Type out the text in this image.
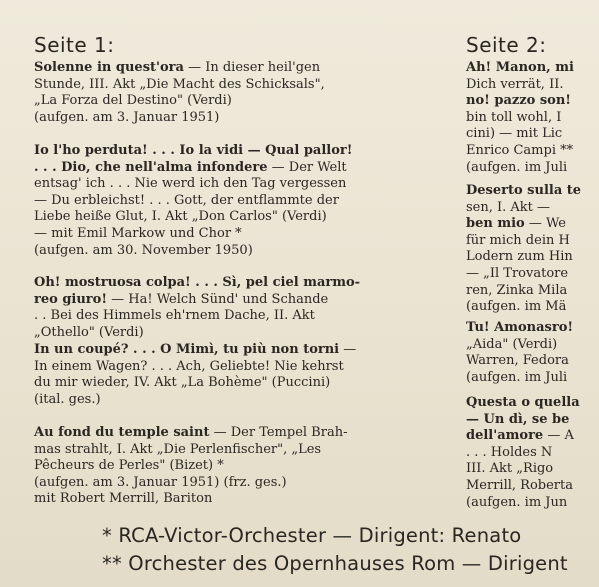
Seite 1:
Solenne in quest'ora — In dieser heil'gen
Stunde, III. Akt „Die Macht des Schicksals",
„La Forza del Destino" (Verdi)
(aufgen. am 3. Januar 1951)
Io l'ho perduta! . . . Io la vidi — Qual pallor!
. . . Dio, che nell'alma infondere — Der Welt
entsag' ich . . . Nie werd ich den Tag vergessen
— Du erbleichst! . . . Gott, der entflammte der
Liebe heiße Glut, I. Akt „Don Carlos" (Verdi)
— mit Emil Markow und Chor *
(aufgen. am 30. November 1950)
Oh! mostruosa colpa! . . . Sì, pel ciel marmo-
reo giuro! — Ha! Welch Sünd' und Schande
. . Bei des Himmels eh'rnem Dache, II. Akt
„Othello" (Verdi)
In un coupé? . . . O Mimì, tu più non torni —
In einem Wagen? . . . Ach, Geliebte! Nie kehrst
du mir wieder, IV. Akt „La Bohème" (Puccini)
(ital. ges.)
Au fond du temple saint — Der Tempel Brah-
mas strahlt, I. Akt „Die Perlenfischer", „Les
Pêcheurs de Perles" (Bizet) *
(aufgen. am 3. Januar 1951) (frz. ges.)
mit Robert Merrill, Bariton
Seite 2:
Ah! Manon, mi
Dich verrät, II.
no! pazzo son!
bin toll wohl, I
cini) — mit Lic
Enrico Campi **
(aufgen. im Juli
Deserto sulla te
sen, I. Akt —
ben mio — We
für mich dein H
Lodern zum Hin
— „Il Trovatore
ren, Zinka Mila
(aufgen. im Mä
Tu! Amonasro!
„Aida" (Verdi)
Warren, Fedora
(aufgen. im Juli
Questa o quella
— Un dì, se be
dell'amore — A
. . . Holdes N
III. Akt „Rigo
Merrill, Roberta
(aufgen. im Jun
* RCA-Victor-Orchester — Dirigent: Renato
** Orchester des Opernhauses Rom — Dirigent
